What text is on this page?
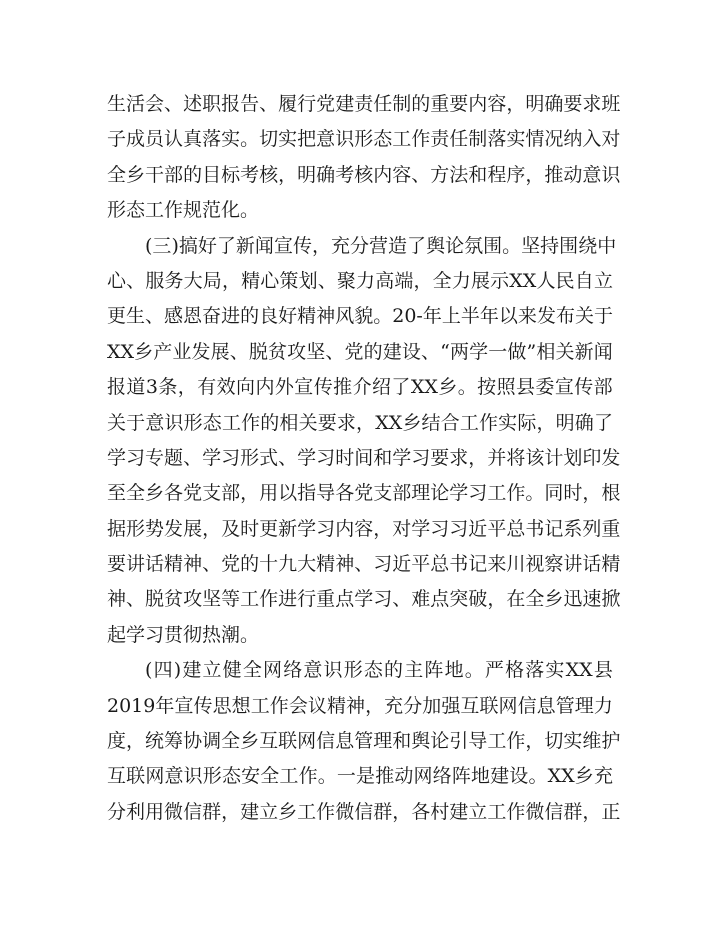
生 活 会 、 述 职 报 告 、 履 行 党 建 责 任 制 的 重 要 内 容 ， 明 确 要 求 班
子 成 员 认 真 落 实 。 切 实 把 意 识 形 态 工 作 责 任 制 落 实 情 况 纳 入 对
全 乡 干 部 的 目 标 考 核 ， 明 确 考 核 内 容 、 方 法 和 程 序 ， 推 动 意 识
形态工作规范化。
( 三 ) 搞 好 了 新 闻 宣 传 ， 充 分 营 造 了 舆 论 氛 围 。 坚 持 围 绕 中
心 、 服 务 大 局 ， 精 心 策 划 、 聚 力 高 端 ， 全 力 展 示 XX 人 民 自 立
更 生 、 感 恩 奋 进 的 良 好 精 神 风 貌 。 20- 年 上 半 年 以 来 发 布 关 于
XX 乡 产 业 发 展 、 脱 贫 攻 坚 、 党 的 建 设 、 “ 两 学 一 做 ” 相 关 新 闻
报 道 3 条 ， 有 效 向 内 外 宣 传 推 介 绍 了 XX 乡 。 按 照 县 委 宣 传 部
关 于 意 识 形 态 工 作 的 相 关 要 求 ， XX 乡 结 合 工 作 实 际 ， 明 确 了
学 习 专 题 、 学 习 形 式 、 学 习 时 间 和 学 习 要 求 ， 并 将 该 计 划 印 发
至 全 乡 各 党 支 部 ， 用 以 指 导 各 党 支 部 理 论 学 习 工 作 。 同 时 ， 根
据 形 势 发 展 ， 及 时 更 新 学 习 内 容 ， 对 学 习 习 近 平 总 书 记 系 列 重
要 讲 话 精 神 、 党 的 十 九 大 精 神 、 习 近 平 总 书 记 来 川 视 察 讲 话 精
神 、 脱 贫 攻 坚 等 工 作 进 行 重 点 学 习 、 难 点 突 破 ， 在 全 乡 迅 速 掀
起学习贯彻热潮。
( 四 ) 建 立 健 全 网 络 意 识 形 态 的 主 阵 地 。 严 格 落 实 XX 县
2019 年 宣 传 思 想 工 作 会 议 精 神 ， 充 分 加 强 互 联 网 信 息 管 理 力
度 ， 统 筹 协 调 全 乡 互 联 网 信 息 管 理 和 舆 论 引 导 工 作 ， 切 实 维 护
互 联 网 意 识 形 态 安 全 工 作 。 一 是 推 动 网 络 阵 地 建 设 。 XX 乡 充
分 利 用 微 信 群 ， 建 立 乡 工 作 微 信 群 ， 各 村 建 立 工 作 微 信 群 ， 正
